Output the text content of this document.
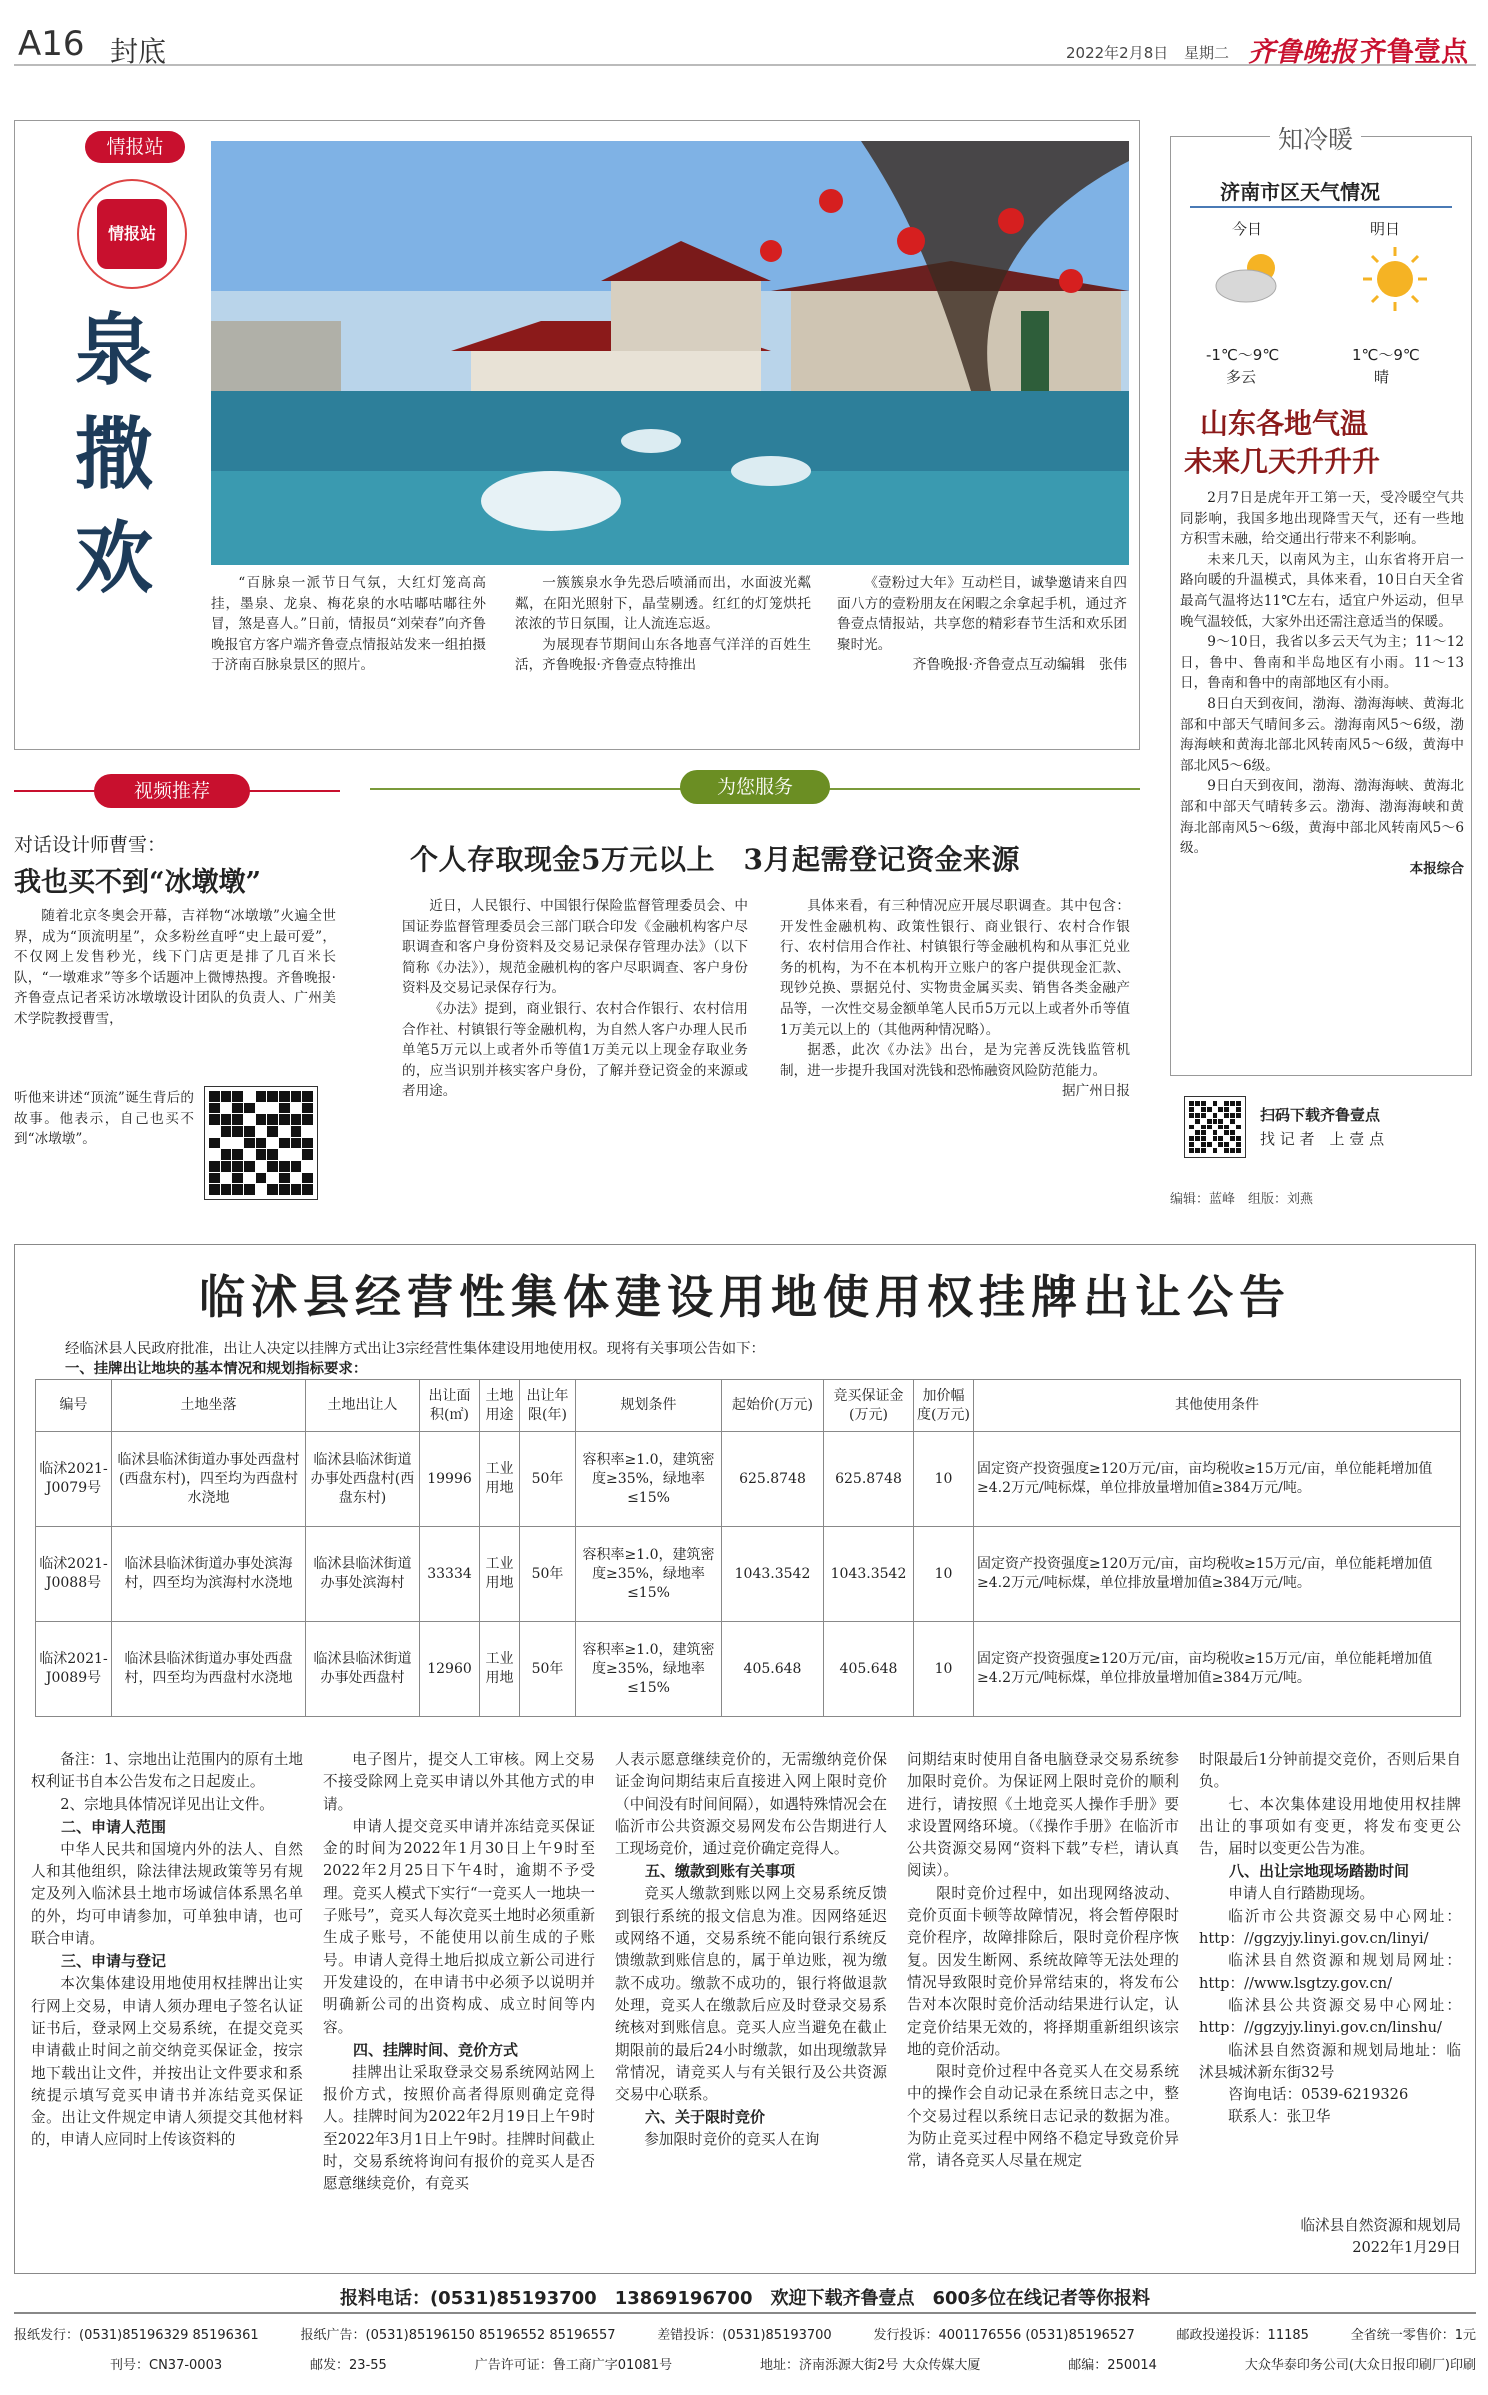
A16 封底	2022年2月8日 星期二 齐鲁晚报 齐鲁壹点
情报站
情报站
泉
撒
欢	“百脉泉一派节日气氛，大红灯笼高高挂，墨泉、龙泉、梅花泉的水咕嘟咕嘟往外冒，煞是喜人。”日前，情报员“刘荣春”向齐鲁晚报官方客户端齐鲁壹点情报站发来一组拍摄于济南百脉泉景区的照片。

一簇簇泉水争先恐后喷涌而出，水面波光粼粼，在阳光照射下，晶莹剔透。红红的灯笼烘托浓浓的节日氛围，让人流连忘返。

为展现春节期间山东各地喜气洋洋的百姓生活，齐鲁晚报·齐鲁壹点特推出

《壹粉过大年》互动栏目，诚挚邀请来自四面八方的壹粉朋友在闲暇之余拿起手机，通过齐鲁壹点情报站，共享您的精彩春节生活和欢乐团聚时光。

齐鲁晚报·齐鲁壹点互动编辑　张伟

知冷暖
济南市区天气情况
今日	明日
-1℃～9℃
多云
1℃～9℃
晴
山东各地气温
未来几天升升升

2月7日是虎年开工第一天，受冷暖空气共同影响，我国多地出现降雪天气，还有一些地方积雪未融，给交通出行带来不利影响。

未来几天，以南风为主，山东省将开启一路向暖的升温模式，具体来看，10日白天全省最高气温将达11℃左右，适宜户外运动，但早晚气温较低，大家外出还需注意适当的保暖。

9～10日，我省以多云天气为主；11～12日，鲁中、鲁南和半岛地区有小雨。11～13日，鲁南和鲁中的南部地区有小雨。

8日白天到夜间，渤海、渤海海峡、黄海北部和中部天气晴间多云。渤海南风5～6级，渤海海峡和黄海北部北风转南风5～6级，黄海中部北风5～6级。

9日白天到夜间，渤海、渤海海峡、黄海北部和中部天气晴转多云。渤海、渤海海峡和黄海北部南风5～6级，黄海中部北风转南风5～6级。

本报综合

扫码下载齐鲁壹点
找 记 者　上 壹 点
编辑：蓝峰　组版：刘燕
视频推荐
对话设计师曹雪：
我也买不到“冰墩墩”

随着北京冬奥会开幕，吉祥物“冰墩墩”火遍全世界，成为“顶流明星”，众多粉丝直呼“史上最可爱”，不仅网上发售秒光，线下门店更是排了几百米长队，“一墩难求”等多个话题冲上微博热搜。齐鲁晚报·齐鲁壹点记者采访冰墩墩设计团队的负责人、广州美术学院教授曹雪，

听他来讲述“顶流”诞生背后的故事。他表示，自己也买不到“冰墩墩”。

为您服务
个人存取现金5万元以上　3月起需登记资金来源

近日，人民银行、中国银行保险监督管理委员会、中国证券监督管理委员会三部门联合印发《金融机构客户尽职调查和客户身份资料及交易记录保存管理办法》（以下简称《办法》），规范金融机构的客户尽职调查、客户身份资料及交易记录保存行为。

《办法》提到，商业银行、农村合作银行、农村信用合作社、村镇银行等金融机构，为自然人客户办理人民币单笔5万元以上或者外币等值1万美元以上现金存取业务的，应当识别并核实客户身份，了解并登记资金的来源或者用途。

具体来看，有三种情况应开展尽职调查。其中包含：开发性金融机构、政策性银行、商业银行、农村合作银行、农村信用合作社、村镇银行等金融机构和从事汇兑业务的机构，为不在本机构开立账户的客户提供现金汇款、现钞兑换、票据兑付、实物贵金属买卖、销售各类金融产品等，一次性交易金额单笔人民币5万元以上或者外币等值1万美元以上的（其他两种情况略）。

据悉，此次《办法》出台，是为完善反洗钱监管机制，进一步提升我国对洗钱和恐怖融资风险防范能力。

据广州日报

临沭县经营性集体建设用地使用权挂牌出让公告
经临沭县人民政府批准，出让人决定以挂牌方式出让3宗经营性集体建设用地使用权。现将有关事项公告如下：
一、挂牌出让地块的基本情况和规划指标要求：
编号	土地坐落	土地出让人	出让面积(㎡)	土地用途	出让年限(年)	规划条件	起始价(万元)	竞买保证金(万元)	加价幅度(万元)	其他使用条件
临沭2021-J0079号	临沭县临沭街道办事处西盘村(西盘东村)，四至均为西盘村水浇地	临沭县临沭街道办事处西盘村(西盘东村)	19996	工业用地	50年	容积率≥1.0，建筑密度≥35%，绿地率≤15%	625.8748	625.8748	10	固定资产投资强度≥120万元/亩，亩均税收≥15万元/亩，单位能耗增加值≥4.2万元/吨标煤，单位排放量增加值≥384万元/吨。
临沭2021-J0088号	临沭县临沭街道办事处滨海村，四至均为滨海村水浇地	临沭县临沭街道办事处滨海村	33334	工业用地	50年	容积率≥1.0，建筑密度≥35%，绿地率≤15%	1043.3542	1043.3542	10	固定资产投资强度≥120万元/亩，亩均税收≥15万元/亩，单位能耗增加值≥4.2万元/吨标煤，单位排放量增加值≥384万元/吨。
临沭2021-J0089号	临沭县临沭街道办事处西盘村，四至均为西盘村水浇地	临沭县临沭街道办事处西盘村	12960	工业用地	50年	容积率≥1.0，建筑密度≥35%，绿地率≤15%	405.648	405.648	10	固定资产投资强度≥120万元/亩，亩均税收≥15万元/亩，单位能耗增加值≥4.2万元/吨标煤，单位排放量增加值≥384万元/吨。

备注：1、宗地出让范围内的原有土地权利证书自本公告发布之日起废止。

2、宗地具体情况详见出让文件。

二、申请人范围

中华人民共和国境内外的法人、自然人和其他组织，除法律法规政策等另有规定及列入临沭县土地市场诚信体系黑名单的外，均可申请参加，可单独申请，也可联合申请。

三、申请与登记

本次集体建设用地使用权挂牌出让实行网上交易，申请人须办理电子签名认证证书后，登录网上交易系统，在提交竞买申请截止时间之前交纳竞买保证金，按宗地下载出让文件，并按出让文件要求和系统提示填写竞买申请书并冻结竞买保证金。出让文件规定申请人须提交其他材料的，申请人应同时上传该资料的

电子图片，提交人工审核。网上交易不接受除网上竞买申请以外其他方式的申请。

申请人提交竞买申请并冻结竞买保证金的时间为2022年1月30日上午9时至2022年2月25日下午4时，逾期不予受理。竞买人模式下实行“一竞买人一地块一子账号”，竞买人每次竞买土地时必须重新生成子账号，不能使用以前生成的子账号。申请人竞得土地后拟成立新公司进行开发建设的，在申请书中必须予以说明并明确新公司的出资构成、成立时间等内容。

四、挂牌时间、竞价方式

挂牌出让采取登录交易系统网站网上报价方式，按照价高者得原则确定竞得人。挂牌时间为2022年2月19日上午9时至2022年3月1日上午9时。挂牌时间截止时，交易系统将询问有报价的竞买人是否愿意继续竞价，有竞买

人表示愿意继续竞价的，无需缴纳竞价保证金询问期结束后直接进入网上限时竞价（中间没有时间间隔），如遇特殊情况会在临沂市公共资源交易网发布公告期进行人工现场竞价，通过竞价确定竞得人。

五、缴款到账有关事项

竞买人缴款到账以网上交易系统反馈到银行系统的报文信息为准。因网络延迟或网络不通，交易系统不能向银行系统反馈缴款到账信息的，属于单边账，视为缴款不成功。缴款不成功的，银行将做退款处理，竞买人在缴款后应及时登录交易系统核对到账信息。竞买人应当避免在截止期限前的最后24小时缴款，如出现缴款异常情况，请竞买人与有关银行及公共资源交易中心联系。

六、关于限时竞价

参加限时竞价的竞买人在询

问期结束时使用自备电脑登录交易系统参加限时竞价。为保证网上限时竞价的顺利进行，请按照《土地竞买人操作手册》要求设置网络环境。（《操作手册》在临沂市公共资源交易网“资料下载”专栏，请认真阅读）。

限时竞价过程中，如出现网络波动、竞价页面卡顿等故障情况，将会暂停限时竞价程序，故障排除后，限时竞价程序恢复。因发生断网、系统故障等无法处理的情况导致限时竞价异常结束的，将发布公告对本次限时竞价活动结果进行认定，认定竞价结果无效的，将择期重新组织该宗地的竞价活动。

限时竞价过程中各竞买人在交易系统中的操作会自动记录在系统日志之中，整个交易过程以系统日志记录的数据为准。为防止竞买过程中网络不稳定导致竞价异常，请各竞买人尽量在规定

时限最后1分钟前提交竞价，否则后果自负。

七、本次集体建设用地使用权挂牌出让的事项如有变更，将发布变更公告，届时以变更公告为准。

八、出让宗地现场踏勘时间

申请人自行踏勘现场。

临沂市公共资源交易中心网址：http：//ggzyjy.linyi.gov.cn/linyi/

临沭县自然资源和规划局网址：http：//www.lsgtzy.gov.cn/

临沭县公共资源交易中心网址：http：//ggzyjy.linyi.gov.cn/linshu/

临沭县自然资源和规划局地址：临沭县城沭新东街32号

咨询电话：0539-6219326

联系人：张卫华

临沭县自然资源和规划局
2022年1月29日
报料电话：(0531)85193700　13869196700　欢迎下载齐鲁壹点　600多位在线记者等你报料
报纸发行：(0531)85196329 85196361	报纸广告：(0531)85196150 85196552 85196557	差错投诉：(0531)85193700	发行投诉：4001176556 (0531)85196527	邮政投递投诉：11185	全省统一零售价：1元
刊号：CN37-0003	邮发：23-55	广告许可证：鲁工商广字01081号	地址：济南泺源大街2号 大众传媒大厦	邮编：250014	大众华泰印务公司(大众日报印刷厂)印刷
